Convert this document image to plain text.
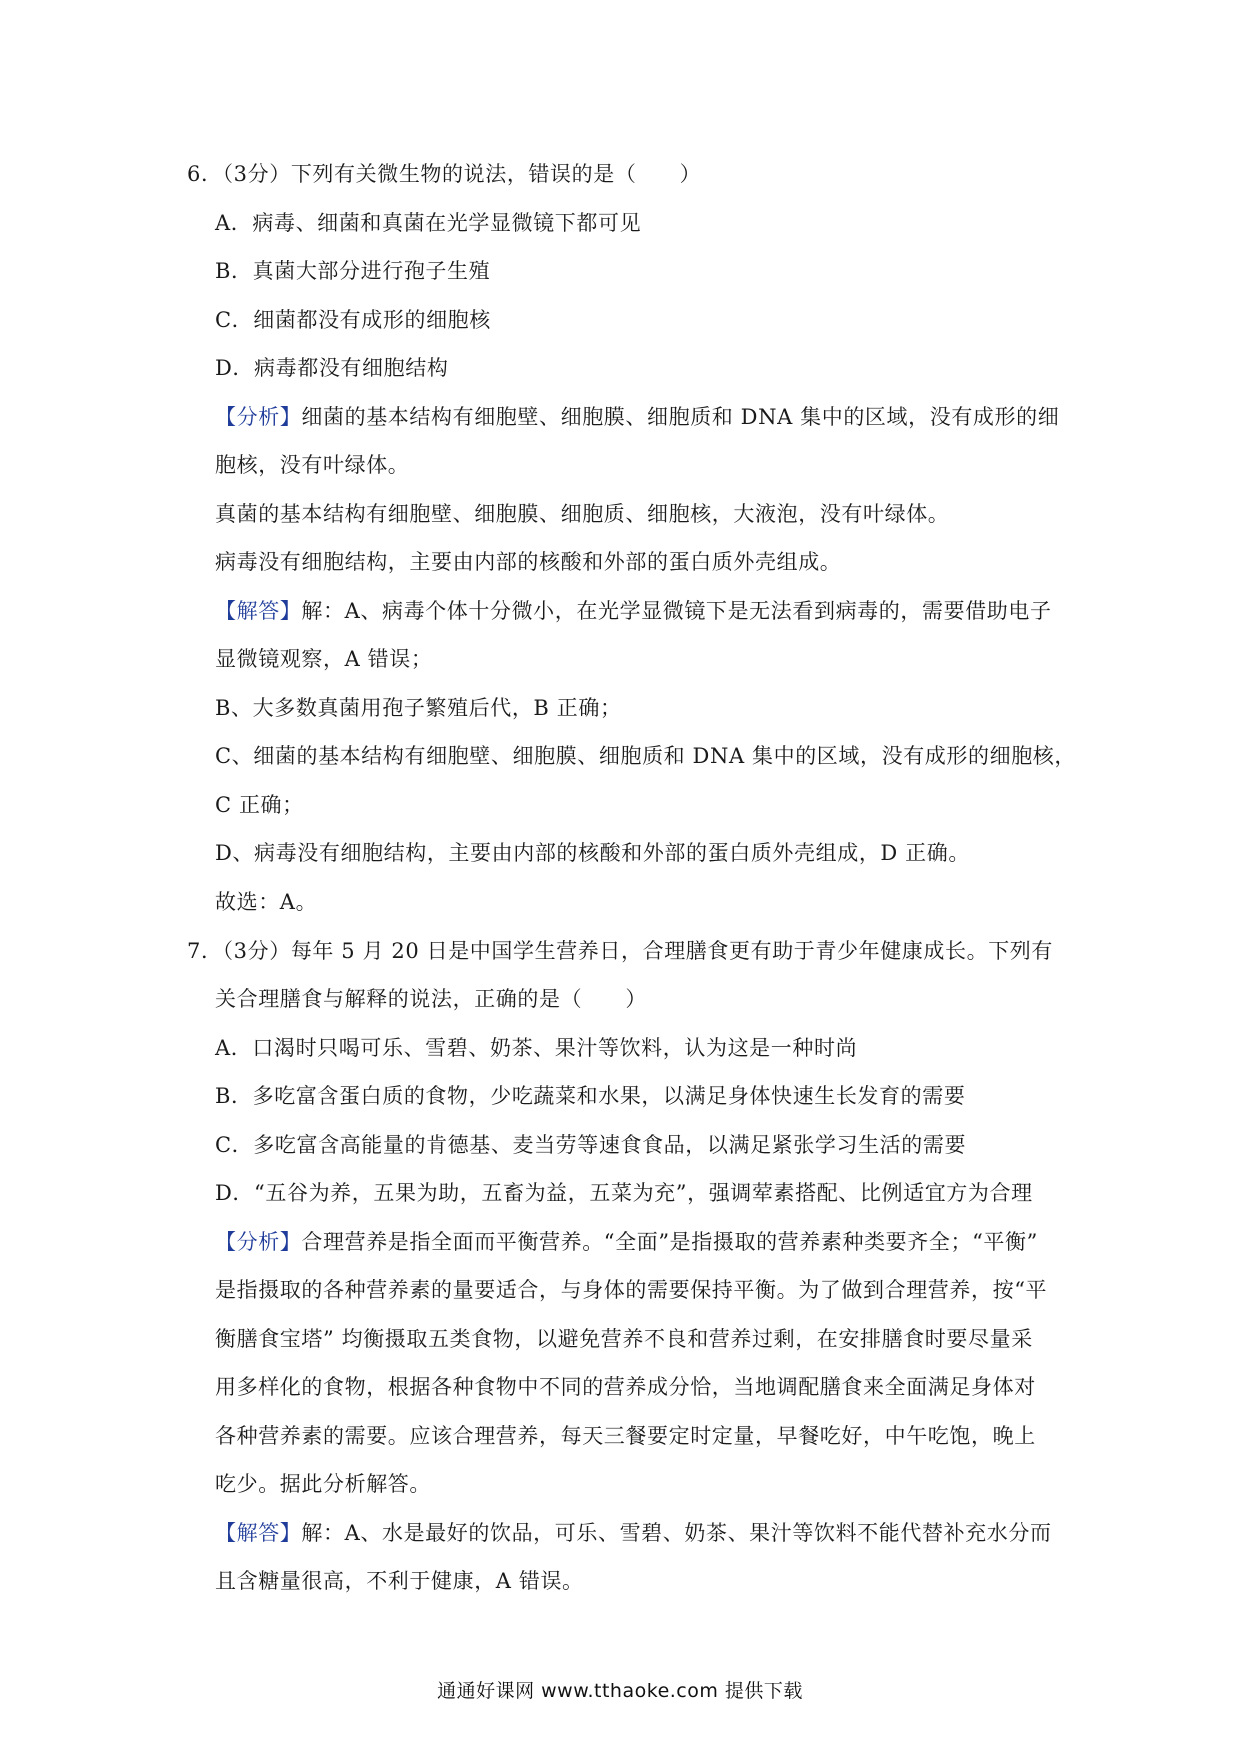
6．（3分）下列有关微生物的说法，错误的是（　　）
A．病毒、细菌和真菌在光学显微镜下都可见
B．真菌大部分进行孢子生殖
C．细菌都没有成形的细胞核
D．病毒都没有细胞结构
【分析】细菌的基本结构有细胞壁、细胞膜、细胞质和 DNA 集中的区域，没有成形的细
胞核，没有叶绿体。
真菌的基本结构有细胞壁、细胞膜、细胞质、细胞核，大液泡，没有叶绿体。
病毒没有细胞结构，主要由内部的核酸和外部的蛋白质外壳组成。
【解答】解：A、病毒个体十分微小，在光学显微镜下是无法看到病毒的，需要借助电子
显微镜观察，A 错误；
B、大多数真菌用孢子繁殖后代，B 正确；
C、细菌的基本结构有细胞壁、细胞膜、细胞质和 DNA 集中的区域，没有成形的细胞核，
C 正确；
D、病毒没有细胞结构，主要由内部的核酸和外部的蛋白质外壳组成，D 正确。
故选：A。
7．（3分）每年 5 月 20 日是中国学生营养日，合理膳食更有助于青少年健康成长。下列有
关合理膳食与解释的说法，正确的是（　　）
A．口渴时只喝可乐、雪碧、奶茶、果汁等饮料，认为这是一种时尚
B．多吃富含蛋白质的食物，少吃蔬菜和水果，以满足身体快速生长发育的需要
C．多吃富含高能量的肯德基、麦当劳等速食食品，以满足紧张学习生活的需要
D．“五谷为养，五果为助，五畜为益，五菜为充”，强调荤素搭配、比例适宜方为合理
【分析】合理营养是指全面而平衡营养。“全面”是指摄取的营养素种类要齐全；“平衡”
是指摄取的各种营养素的量要适合，与身体的需要保持平衡。为了做到合理营养，按“平
衡膳食宝塔” 均衡摄取五类食物，以避免营养不良和营养过剩，在安排膳食时要尽量采
用多样化的食物，根据各种食物中不同的营养成分恰，当地调配膳食来全面满足身体对
各种营养素的需要。应该合理营养，每天三餐要定时定量，早餐吃好，中午吃饱，晚上
吃少。据此分析解答。
【解答】解：A、水是最好的饮品，可乐、雪碧、奶茶、果汁等饮料不能代替补充水分而
且含糖量很高，不利于健康，A 错误。
通通好课网 www.tthaoke.com 提供下载
